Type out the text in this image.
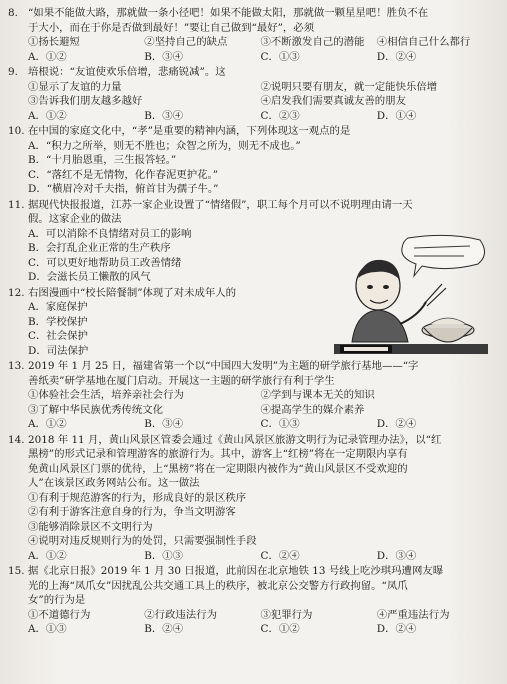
8. “如果不能做大路，那就做一条小径吧！如果不能做太阳，那就做一颗星星吧！胜负不在
于大小，而在于你是否做到最好！”要让自己做到“最好”，必须
①扬长避短	②坚持自己的缺点	③不断激发自己的潜能	④相信自己什么都行
A．①②	B．③④	C．①③	D．②④
9. 培根说：“友谊使欢乐倍增，悲痛锐减”。这
①显示了友谊的力量	②说明只要有朋友，就一定能快乐倍增
③告诉我们朋友越多越好	④启发我们需要真诚友善的朋友
A．①②	B．③④	C．②③	D．①④
10. 在中国的家庭文化中，“孝”是重要的精神内涵，下列体现这一观点的是
A．“积力之所举，则无不胜也；众智之所为，则无不成也。”
B．“十月胎恩重，三生报答轻。”
C．“落红不是无情物，化作春泥更护花。”
D．“横眉冷对千夫指，俯首甘为孺子牛。”
11. 据现代快报报道，江苏一家企业设置了“情绪假”，职工每个月可以不说明理由请一天
假。这家企业的做法
A．可以消除不良情绪对员工的影响
B．会打乱企业正常的生产秩序
C．可以更好地帮助员工改善情绪
D．会滋长员工懒散的风气
12. 右图漫画中“校长陪餐制”体现了对未成年人的
A．家庭保护
B．学校保护
C．社会保护
D．司法保护
13. 2019 年 1 月 25 日，福建省第一个以“中国四大发明”为主题的研学旅行基地——“字
善纸卖”研学基地在厦门启动。开展这一主题的研学旅行有利于学生
①体验社会生活，培养亲社会行为	②学到与课本无关的知识
③了解中华民族优秀传统文化	④提高学生的媒介素养
A．①②	B．③④	C．①③	D．②④
14. 2018 年 11 月，黄山风景区管委会通过《黄山风景区旅游文明行为记录管理办法》，以“红
黑榜”的形式记录和管理游客的旅游行为。其中，游客上“红榜”将在一定期限内享有
免黄山风景区门票的优待，上“黑榜”将在一定期限内被作为“黄山风景区不受欢迎的
人”在该景区政务网站公布。这一做法
①有利于规范游客的行为，形成良好的景区秩序
②有利于游客注意自身的行为，争当文明游客
③能够消除景区不文明行为
④说明对违反规则行为的处罚，只需要强制性手段
A．①②	B．①③	C．②④	D．③④
15. 据《北京日报》2019 年 1 月 30 日报道，此前因在北京地铁 13 号线上吃沙琪玛遭网友曝
光的上海“凤爪女”因扰乱公共交通工具上的秩序，被北京公交警方行政拘留。“凤爪
女”的行为是
①不道德行为	②行政违法行为	③犯罪行为	④严重违法行为
A．①③	B．②④	C．①②	D．②④
